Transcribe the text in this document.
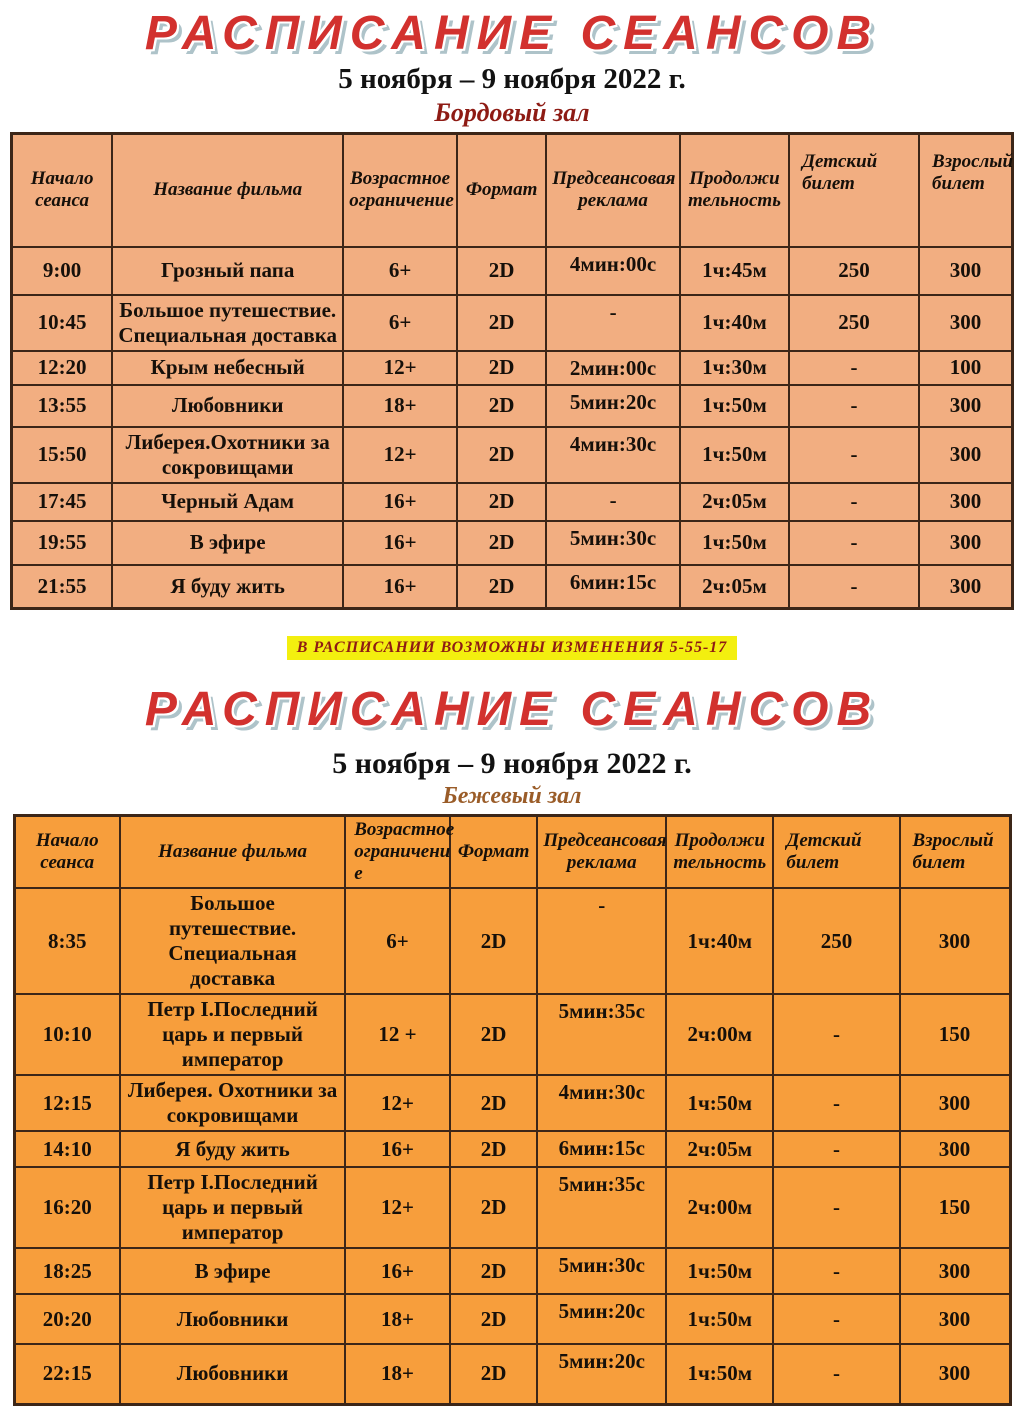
РАСПИСАНИЕ СЕАНСОВ
5 ноября – 9 ноября 2022 г.
Бордовый зал
Начало сеанса	Название фильма	Возрастное ограничение	Формат	Предсеансовая реклама	Продолжи тельность	Детский билет	Взрослый билет
9:00	Грозный папа	6+	2D	4мин:00с	1ч:45м	250	300
10:45	Большое путешествие. Специальная доставка	6+	2D	-	1ч:40м	250	300
12:20	Крым небесный	12+	2D	2мин:00с	1ч:30м	-	100
13:55	Любовники	18+	2D	5мин:20с	1ч:50м	-	300
15:50	Либерея.Охотники за сокровищами	12+	2D	4мин:30с	1ч:50м	-	300
17:45	Черный Адам	16+	2D	-	2ч:05м	-	300
19:55	В эфире	16+	2D	5мин:30с	1ч:50м	-	300
21:55	Я буду жить	16+	2D	6мин:15с	2ч:05м	-	300
В РАСПИСАНИИ ВОЗМОЖНЫ ИЗМЕНЕНИЯ 5-55-17
РАСПИСАНИЕ СЕАНСОВ
5 ноября – 9 ноября 2022 г.
Бежевый зал
Начало сеанса	Название фильма	Возрастное ограничени е	Формат	Предсеансовая реклама	Продолжи тельность	Детский билет	Взрослый билет
8:35	Большое путешествие. Специальная доставка	6+	2D	-	1ч:40м	250	300
10:10	Петр I.Последний царь и первый император	12 +	2D	5мин:35с	2ч:00м	-	150
12:15	Либерея. Охотники за сокровищами	12+	2D	4мин:30с	1ч:50м	-	300
14:10	Я буду жить	16+	2D	6мин:15с	2ч:05м	-	300
16:20	Петр I.Последний царь и первый император	12+	2D	5мин:35с	2ч:00м	-	150
18:25	В эфире	16+	2D	5мин:30с	1ч:50м	-	300
20:20	Любовники	18+	2D	5мин:20с	1ч:50м	-	300
22:15	Любовники	18+	2D	5мин:20с	1ч:50м	-	300
